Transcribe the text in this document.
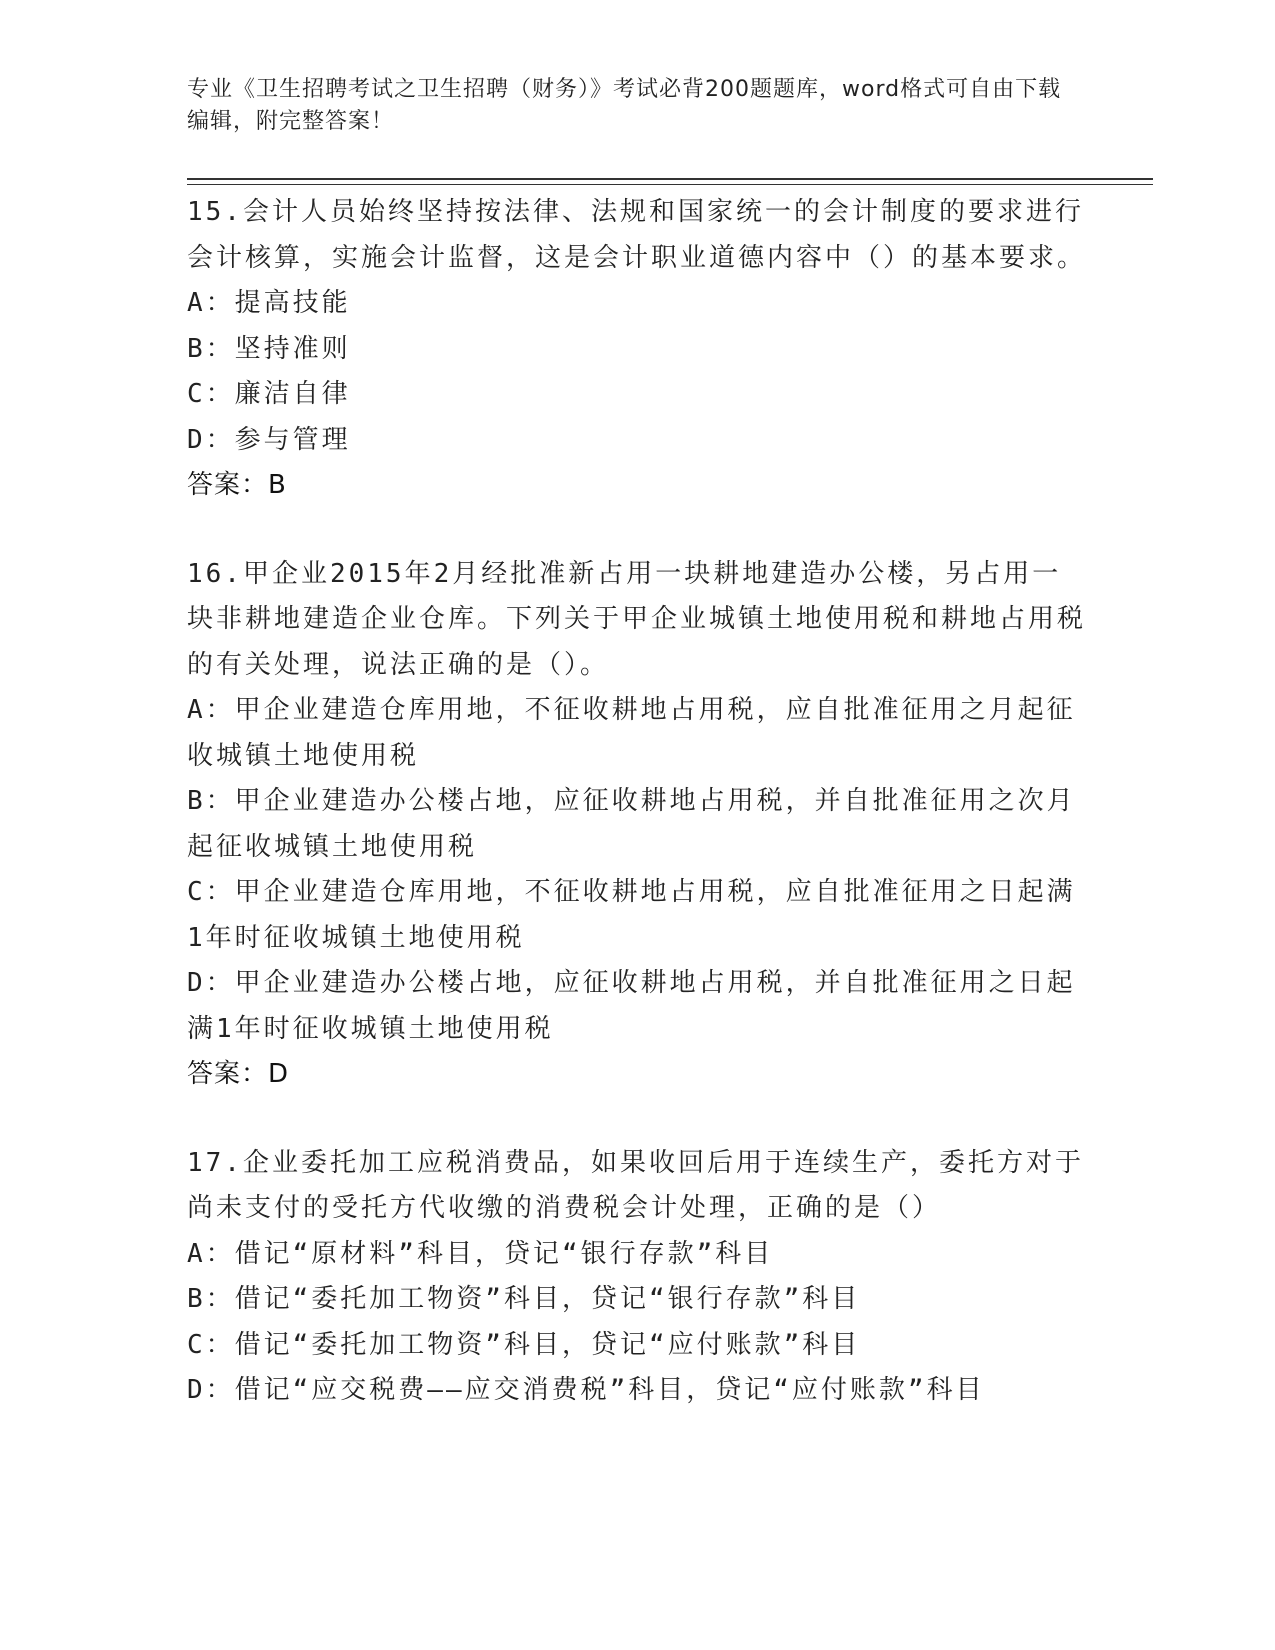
专业《卫生招聘考试之卫生招聘（财务）》考试必背200题题库，word格式可自由下载编辑，附完整答案！

15.会计人员始终坚持按法律、法规和国家统一的会计制度的要求进行会计核算，实施会计监督，这是会计职业道德内容中（）的基本要求。

A：提高技能

B：坚持准则

C：廉洁自律

D：参与管理

答案：B

16.甲企业2015年2月经批准新占用一块耕地建造办公楼，另占用一块非耕地建造企业仓库。下列关于甲企业城镇土地使用税和耕地占用税的有关处理，说法正确的是（）。

A：甲企业建造仓库用地，不征收耕地占用税，应自批准征用之月起征收城镇土地使用税

B：甲企业建造办公楼占地，应征收耕地占用税，并自批准征用之次月起征收城镇土地使用税

C：甲企业建造仓库用地，不征收耕地占用税，应自批准征用之日起满1年时征收城镇土地使用税

D：甲企业建造办公楼占地，应征收耕地占用税，并自批准征用之日起满1年时征收城镇土地使用税

答案：D

17.企业委托加工应税消费品，如果收回后用于连续生产，委托方对于尚未支付的受托方代收缴的消费税会计处理，正确的是（）

A：借记“原材料”科目，贷记“银行存款”科目

B：借记“委托加工物资”科目，贷记“银行存款”科目

C：借记“委托加工物资”科目，贷记“应付账款”科目

D：借记“应交税费——应交消费税”科目，贷记“应付账款”科目
